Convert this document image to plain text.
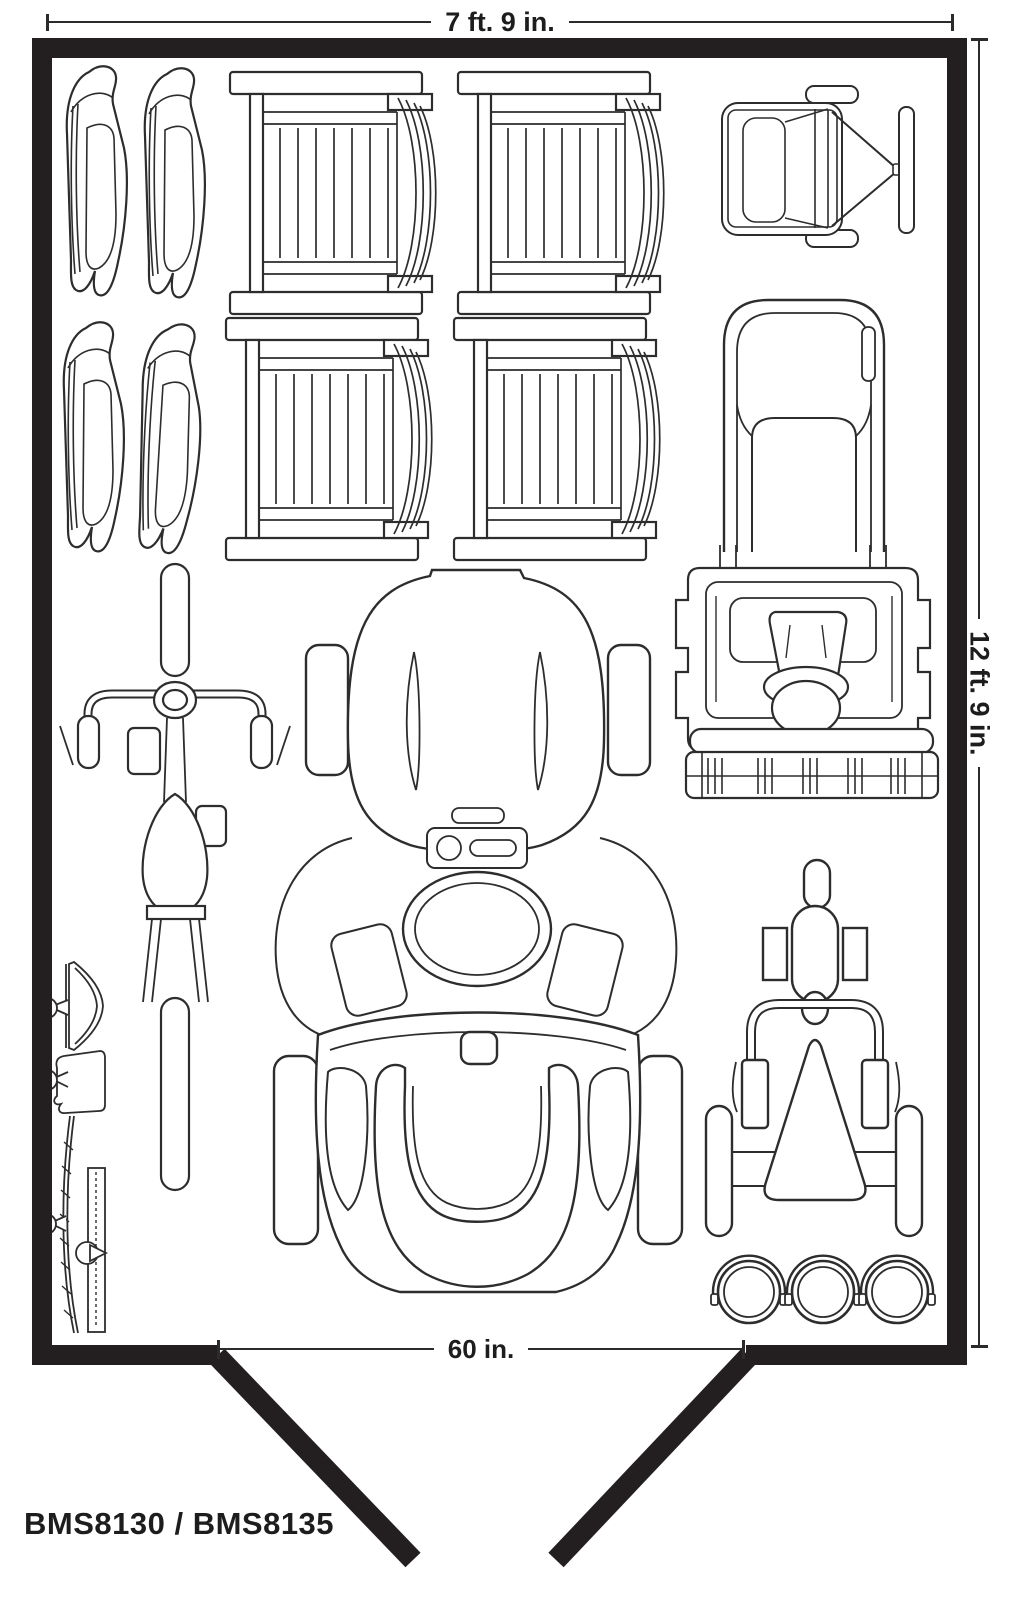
7 ft. 9 in.
12 ft. 9 in.
60 in.
BMS8130 / BMS8135
